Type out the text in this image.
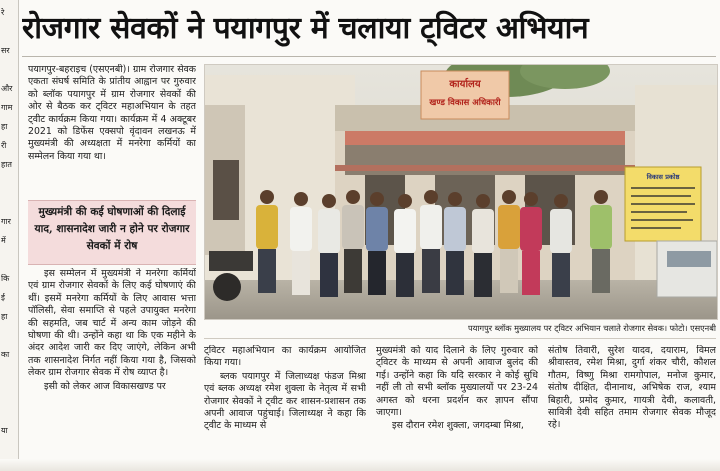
रे
सर
और
गाम
हा
री
हात
गार
में
कि
ई
हा
का
या
रोजगार सेवकों ने पयागपुर में चलाया ट्विटर अभियान

पयागपुर-बहराइच (एसएनबी)। ग्राम रोजगार सेवक एकता संघर्ष समिति के प्रांतीय आह्वान पर गुरुवार को ब्लॉक पयागपुर में ग्राम रोजगार सेवकों की ओर से बैठक कर ट्विटर महाअभियान के तहत ट्वीट कार्यक्रम किया गया। कार्यक्रम में 4 अक्टूबर 2021 को डिफेंस एक्सपो वृंदावन लखनऊ में मुख्यमंत्री की अध्यक्षता में मनरेगा कर्मियों का सम्मेलन किया गया था।

मुख्यमंत्री की कई घोषणाओं की दिलाई याद, शासनादेश जारी न होने पर रोजगार सेवकों में रोष

इस सम्मेलन में मुख्यमंत्री ने मनरेगा कर्मियों एवं ग्राम रोजगार सेवकों के लिए कई घोषणाएं की थीं। इसमें मनरेगा कर्मियों के लिए आवास भत्ता पॉलिसी, सेवा समाप्ति से पहले उपायुक्त मनरेगा की सहमति, जब चार्ट में अन्य काम जोड़ने की घोषणा की थी। उन्होंने कहा था कि एक महीने के अंदर आदेश जारी कर दिए जाएंगे, लेकिन अभी तक शासनादेश निर्गत नहीं किया गया है, जिसको लेकर ग्राम रोजगार सेवक में रोष व्याप्त है।

इसी को लेकर आज विकासखण्ड पर

कार्यालय
खण्ड विकास अधिकारी
विकास प्रकोष्ठ
पयागपुर ब्लॉक मुख्यालय पर ट्विटर अभियान चलाते रोजगार सेवक। फोटो। एसएनबी

ट्विटर महाअभियान का कार्यक्रम आयोजित किया गया।

ब्लक पयागपुर में जिलाध्यक्ष फंडज मिश्रा एवं ब्लक अध्यक्ष रमेश शुक्ला के नेतृत्व में सभी रोजगार सेवकों ने ट्वीट कर शासन-प्रशासन तक अपनी आवाज पहुंचाई। जिलाध्यक्ष ने कहा कि ट्वीट के माध्यम से

मुख्यमंत्री को याद दिलाने के लिए गुरुवार को ट्विटर के माध्यम से अपनी आवाज बुलंद की गई। उन्होंने कहा कि यदि सरकार ने कोई सुधि नहीं ली तो सभी ब्लॉक मुख्यालयों पर 23-24 अगस्त को धरना प्रदर्शन कर ज्ञापन सौंपा जाएगा।

इस दौरान रमेश शुक्ला, जगदम्बा मिश्रा,

संतोष तिवारी, सुरेश यादव, दयाराम, विमल श्रीवास्तव, रमेश मिश्रा, दुर्गा शंकर चौरी, कौशल गौतम, विष्णु मिश्रा रामगोपाल, मनोज कुमार, संतोष दीक्षित, दीनानाथ, अभिषेक राज, श्याम बिहारी, प्रमोद कुमार, गायत्री देवी, कलावती, सावित्री देवी सहित तमाम रोजगार सेवक मौजूद रहे।
